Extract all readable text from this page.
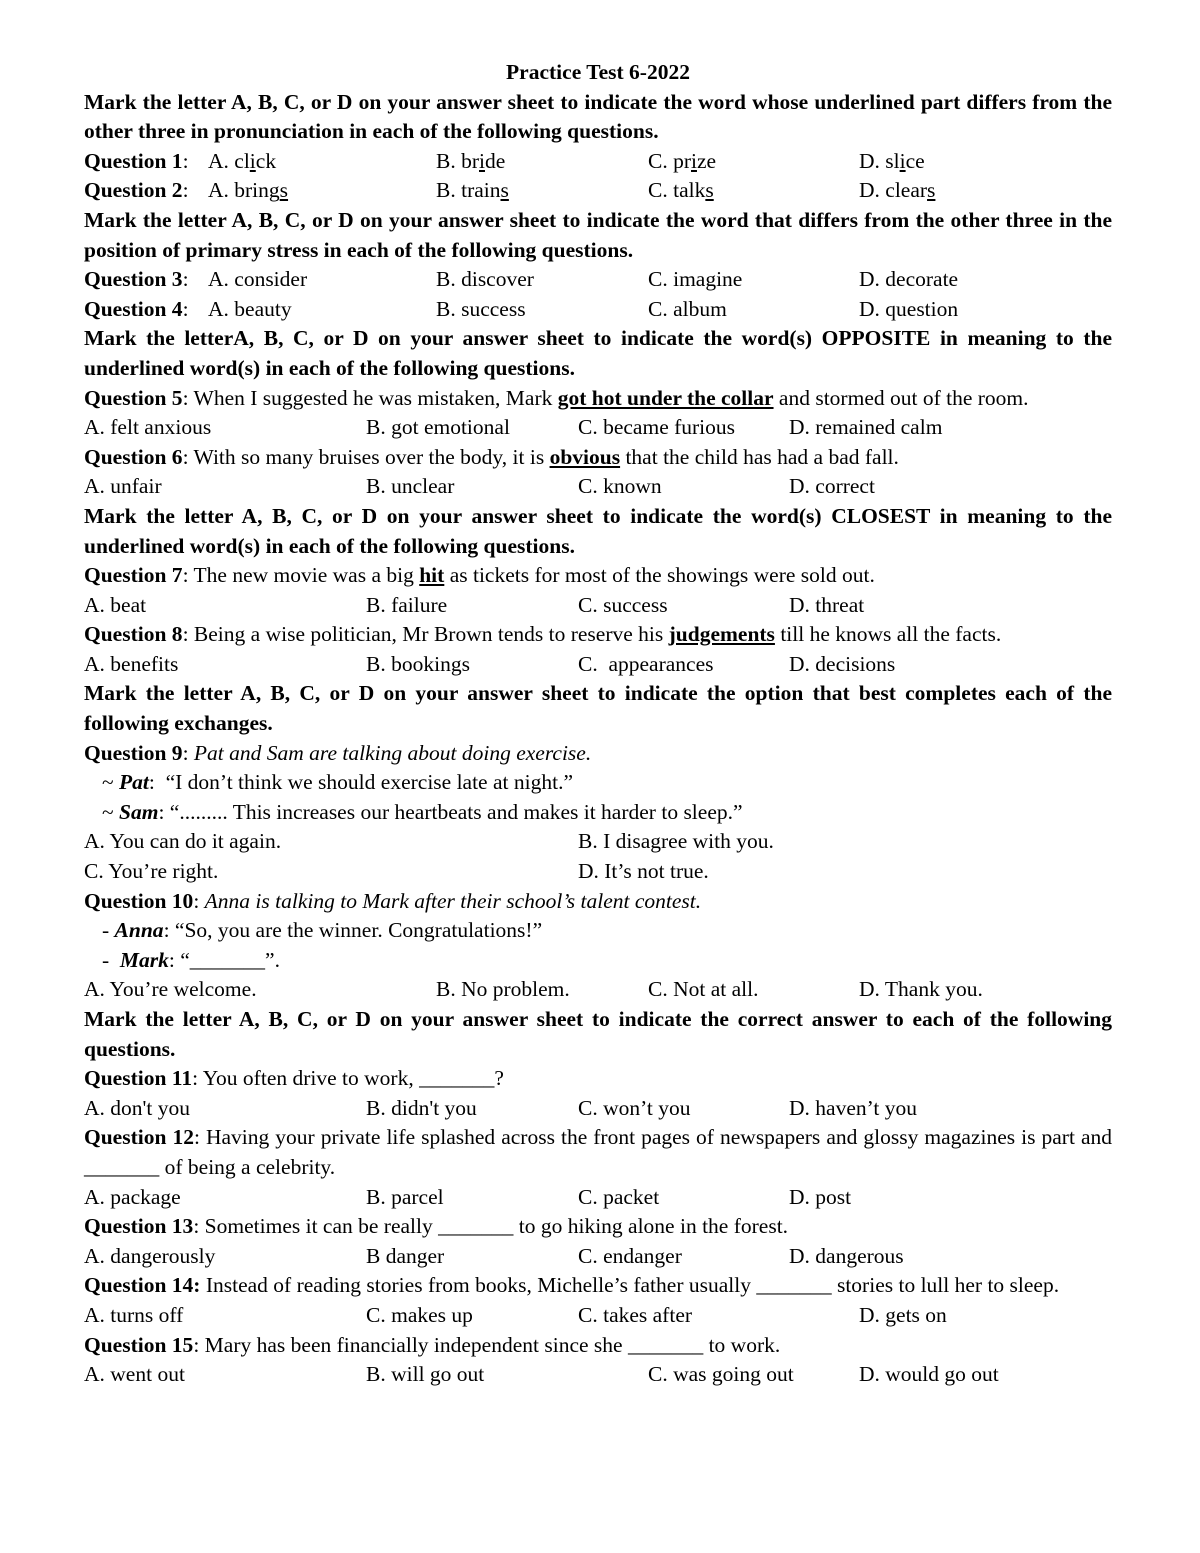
Practice Test 6-2022
Mark the letter A, B, C, or D on your answer sheet to indicate the word whose underlined part differs from the other three in pronunciation in each of the following questions.
Question 1: A. click	B. bride	C. prize	D. slice
Question 2: A. brings	B. trains	C. talks	D. clears
Mark the letter A, B, C, or D on your answer sheet to indicate the word that differs from the other three in the position of primary stress in each of the following questions.
Question 3: A. consider	B. discover	C. imagine	D. decorate
Question 4: A. beauty	B. success	C. album	D. question
Mark the letterA, B, C, or D on your answer sheet to indicate the word(s) OPPOSITE in meaning to the underlined word(s) in each of the following questions.
Question 5: When I suggested he was mistaken, Mark got hot under the collar and stormed out of the room.
A. felt anxious	B. got emotional	C. became furious	D. remained calm
Question 6: With so many bruises over the body, it is obvious that the child has had a bad fall.
A. unfair	B. unclear	C. known	D. correct
Mark the letter A, B, C, or D on your answer sheet to indicate the word(s) CLOSEST in meaning to the underlined word(s) in each of the following questions.
Question 7: The new movie was a big hit as tickets for most of the showings were sold out.
A. beat	B. failure	C. success	D. threat
Question 8: Being a wise politician, Mr Brown tends to reserve his judgements till he knows all the facts.
A. benefits	B. bookings	C.  appearances	D. decisions
Mark the letter A, B, C, or D on your answer sheet to indicate the option that best completes each of the following exchanges.
Question 9: Pat and Sam are talking about doing exercise.
~ Pat:  “I don’t think we should exercise late at night.”
~ Sam: “......... This increases our heartbeats and makes it harder to sleep.”
A. You can do it again.	B. I disagree with you.
C. You’re right.	D. It’s not true.
Question 10: Anna is talking to Mark after their school’s talent contest.
- Anna: “So, you are the winner. Congratulations!”
-  Mark: “_______”.
A. You’re welcome.	B. No problem.	C. Not at all.	D. Thank you.
Mark the letter A, B, C, or D on your answer sheet to indicate the correct answer to each of the following questions.
Question 11: You often drive to work, _______?
A. don't you	B. didn't you	C. won’t you	D. haven’t you
Question 12: Having your private life splashed across the front pages of newspapers and glossy magazines is part and _______ of being a celebrity.
A. package	B. parcel	C. packet	D. post
Question 13: Sometimes it can be really _______ to go hiking alone in the forest.
A. dangerously	B danger	C. endanger	D. dangerous
Question 14: Instead of reading stories from books, Michelle’s father usually _______ stories to lull her to sleep.
A. turns off	C. makes up	C. takes after	D. gets on
Question 15: Mary has been financially independent since she _______ to work.
A. went out	B. will go out	C. was going out	D. would go out
